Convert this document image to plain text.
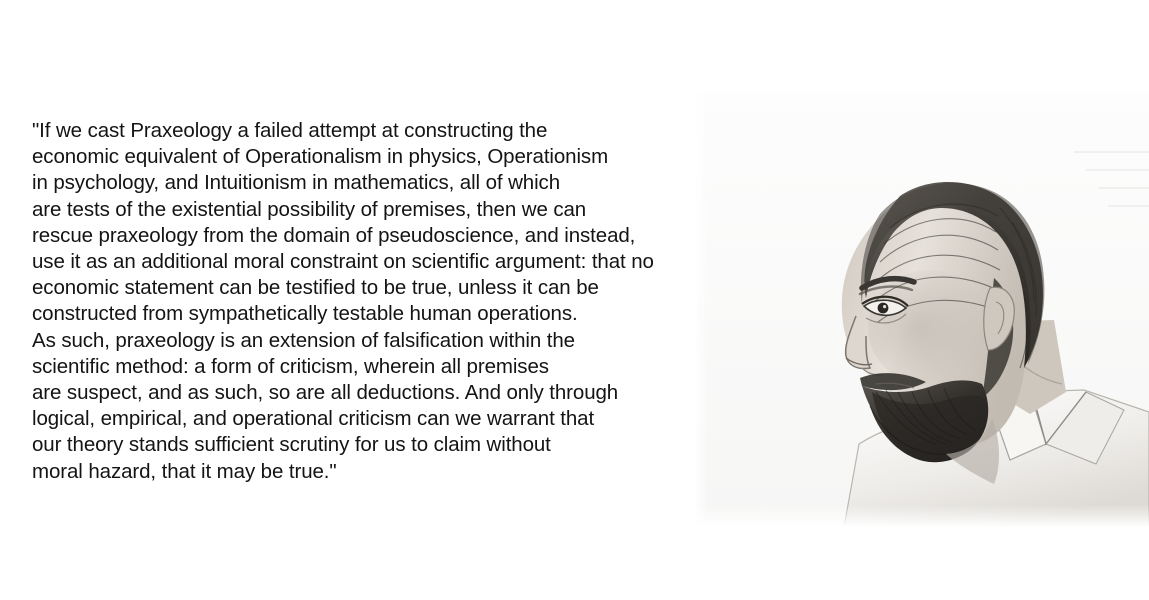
"If we cast Praxeology a failed attempt at constructing the
economic equivalent of Operationalism in physics, Operationism
in psychology, and Intuitionism in mathematics, all of which
are tests of the existential possibility of premises, then we can
rescue praxeology from the domain of pseudoscience, and instead,
use it as an additional moral constraint on scientific argument: that no
economic statement can be testified to be true, unless it can be
constructed from sympathetically testable human operations.
As such, praxeology is an extension of falsification within the
scientific method: a form of criticism, wherein all premises
are suspect, and as such, so are all deductions. And only through
logical, empirical, and operational criticism can we warrant that
our theory stands sufficient scrutiny for us to claim without
moral hazard, that it may be true."
